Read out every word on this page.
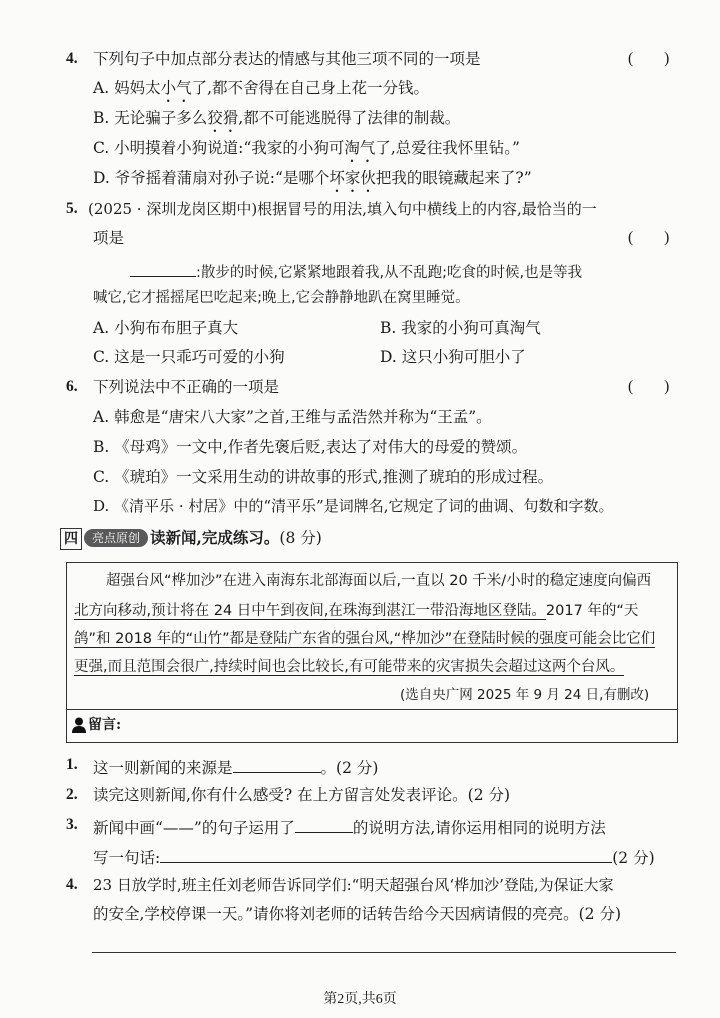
4. 下列句子中加点部分表达的情感与其他三项不同的一项是	(        )
A. 妈妈太小气了,都不舍得在自己身上花一分钱。
B. 无论骗子多么狡猾,都不可能逃脱得了法律的制裁。
C. 小明摸着小狗说道:“我家的小狗可淘气了,总爱往我怀里钻。”
D. 爷爷摇着蒲扇对孙子说:“是哪个坏家伙把我的眼镜藏起来了?”
5. (2025 · 深圳龙岗区期中)根据冒号的用法,填入句中横线上的内容,最恰当的一
项是	(        )
:散步的时候,它紧紧地跟着我,从不乱跑;吃食的时候,也是等我
喊它,它才摇摇尾巴吃起来;晚上,它会静静地趴在窝里睡觉。
A. 小狗布布胆子真大	B. 我家的小狗可真淘气
C. 这是一只乖巧可爱的小狗	D. 这只小狗可胆小了
6. 下列说法中不正确的一项是	(        )
A. 韩愈是“唐宋八大家”之首,王维与孟浩然并称为“王孟”。
B. 《母鸡》一文中,作者先褒后贬,表达了对伟大的母爱的赞颂。
C. 《琥珀》一文采用生动的讲故事的形式,推测了琥珀的形成过程。
D. 《清平乐 · 村居》中的“清平乐”是词牌名,它规定了词的曲调、句数和字数。
四	亮点原创 读新闻,完成练习。(8 分)
超强台风“桦加沙”在进入南海东北部海面以后,一直以 20 千米/小时的稳定速度向偏西
北方向移动,预计将在 24 日中午到夜间,在珠海到湛江一带沿海地区登陆。2017 年的“天
鸽”和 2018 年的“山竹”都是登陆广东省的强台风,“桦加沙”在登陆时候的强度可能会比它们
更强,而且范围会很广,持续时间也会比较长,有可能带来的灾害损失会超过这两个台风。
(选自央广网 2025 年 9 月 24 日,有删改)
留言:
1. 这一则新闻的来源是	。(2 分)
2. 读完这则新闻,你有什么感受? 在上方留言处发表评论。(2 分)
3. 新闻中画“——”的句子运用了	的说明方法,请你运用相同的说明方法
写一句话:	(2 分)
4. 23 日放学时,班主任刘老师告诉同学们:“明天超强台风‘桦加沙’登陆,为保证大家
的安全,学校停课一天。”请你将刘老师的话转告给今天因病请假的亮亮。(2 分)
第2页,共6页
